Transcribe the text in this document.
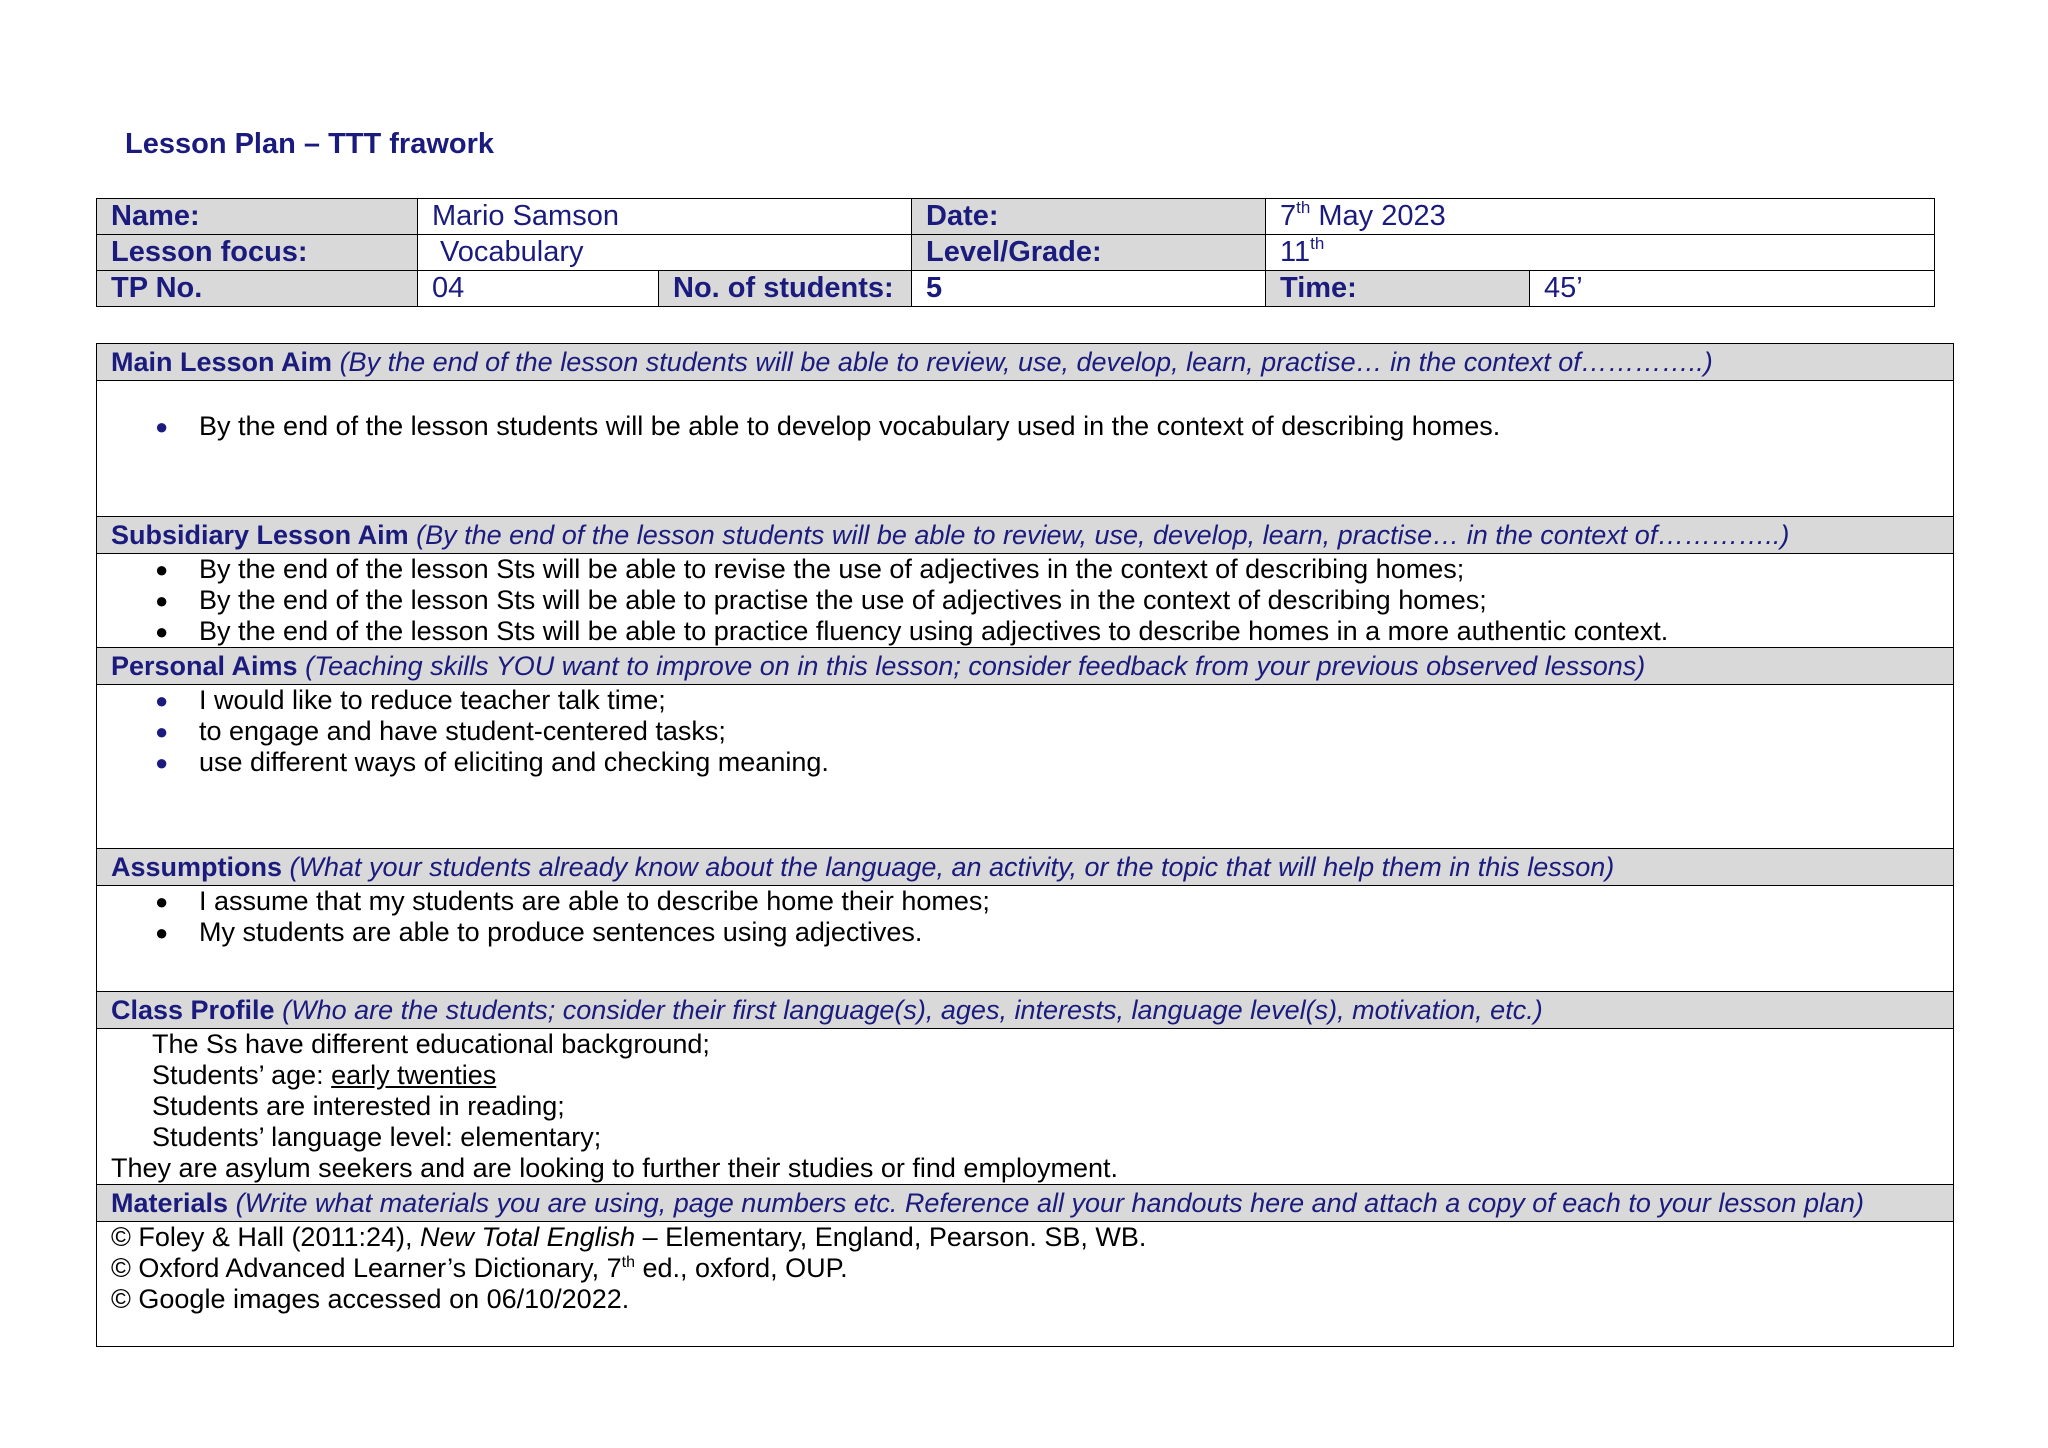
Lesson Plan – TTT frawork
Name:	Mario Samson		Date:	7th May 2023	
Lesson focus:	Vocabulary		Level/Grade:	11th
TP No.	04	No. of students:	5	Time:	45’
Main Lesson Aim (By the end of the lesson students will be able to review, use, develop, learn, practise… in the context of…………..)
● By the end of the lesson students will be able to develop vocabulary used in the context of describing homes.
Subsidiary Lesson Aim (By the end of the lesson students will be able to review, use, develop, learn, practise… in the context of…………..)
● By the end of the lesson Sts will be able to revise the use of adjectives in the context of describing homes;
● By the end of the lesson Sts will be able to practise the use of adjectives in the context of describing homes;
● By the end of the lesson Sts will be able to practice fluency using adjectives to describe homes in a more authentic context.
Personal Aims (Teaching skills YOU want to improve on in this lesson; consider feedback from your previous observed lessons)
● I would like to reduce teacher talk time;
● to engage and have student-centered tasks;
● use different ways of eliciting and checking meaning.
Assumptions (What your students already know about the language, an activity, or the topic that will help them in this lesson)
● I assume that my students are able to describe home their homes;
● My students are able to produce sentences using adjectives.
Class Profile (Who are the students; consider their first language(s), ages, interests, language level(s), motivation, etc.)
The Ss have different educational background;
Students’ age: early twenties
Students are interested in reading;
Students’ language level: elementary;
They are asylum seekers and are looking to further their studies or find employment.
Materials (Write what materials you are using, page numbers etc. Reference all your handouts here and attach a copy of each to your lesson plan)
© Foley & Hall (2011:24), New Total English – Elementary, England, Pearson. SB, WB.
© Oxford Advanced Learner’s Dictionary, 7th ed., oxford, OUP.
© Google images accessed on 06/10/2022.
